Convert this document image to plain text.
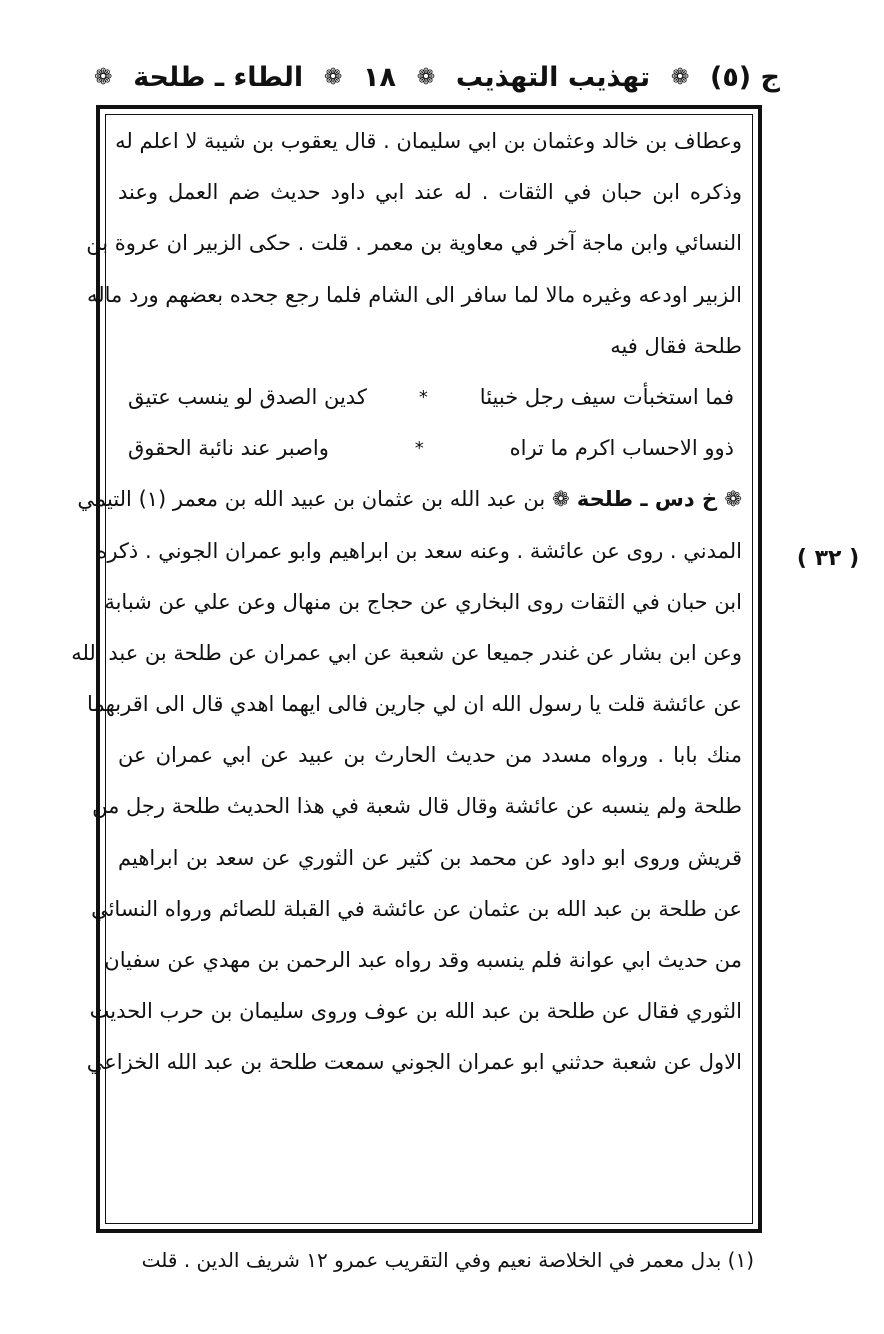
ج (٥)
❁
تهذيب التهذيب
❁
١٨
❁
الطاء ـ طلحة
❁
( ٣٢ )
وعطاف بن خالد وعثمان بن ابي سليمان . قال يعقوب بن شيبة لا اعلم له
وذكره ابن حبان في الثقات . له عند ابي داود حديث ضم العمل وعند
النسائي وابن ماجة آخر في معاوية بن معمر . قلت . حكى الزبير ان عروة بن
الزبير اودعه وغيره مالا لما سافر الى الشام فلما رجع جحده بعضهم ورد ماله
طلحة فقال فيه
فما استخبأت سيف رجل خبيئا
*
كدين الصدق لو ينسب عتيق
ذوو الاحساب اكرم ما تراه
*
واصبر عند نائبة الحقوق
❁ خ دس ـ طلحة ❁ بن عبد الله بن عثمان بن عبيد الله بن معمر (١) التيمي
المدني . روى عن عائشة . وعنه سعد بن ابراهيم وابو عمران الجوني . ذكره
ابن حبان في الثقات روى البخاري عن حجاج بن منهال وعن علي عن شبابة
وعن ابن بشار عن غندر جميعا عن شعبة عن ابي عمران عن طلحة بن عبد الله
عن عائشة قلت يا رسول الله ان لي جارين فالى ايهما اهدي قال الى اقربهما
منك بابا . ورواه مسدد من حديث الحارث بن عبيد عن ابي عمران عن
طلحة ولم ينسبه عن عائشة وقال قال شعبة في هذا الحديث طلحة رجل من
قريش وروى ابو داود عن محمد بن كثير عن الثوري عن سعد بن ابراهيم
عن طلحة بن عبد الله بن عثمان عن عائشة في القبلة للصائم ورواه النسائي
من حديث ابي عوانة فلم ينسبه وقد رواه عبد الرحمن بن مهدي عن سفيان
الثوري فقال عن طلحة بن عبد الله بن عوف وروى سليمان بن حرب الحديث
الاول عن شعبة حدثني ابو عمران الجوني سمعت طلحة بن عبد الله الخزاعي
(١) بدل معمر في الخلاصة نعيم وفي التقريب عمرو ١٢ شريف الدين . قلت
